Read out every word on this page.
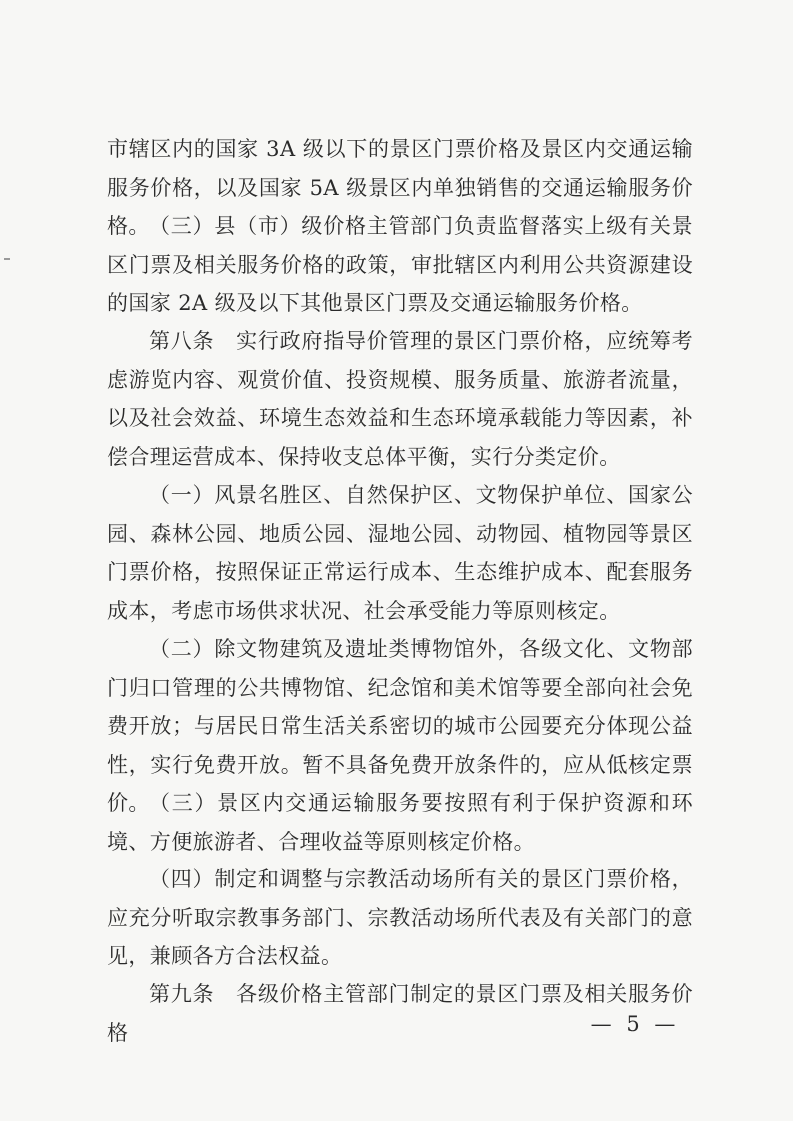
市辖区内的国家 3A 级以下的景区门票价格及景区内交通运输服务价格，以及国家 5A 级景区内单独销售的交通运输服务价格。 （三）县（市）级价格主管部门负责监督落实上级有关景区门票及相关服务价格的政策，审批辖区内利用公共资源建设的国家 2A 级及以下其他景区门票及交通运输服务价格。

第八条　实行政府指导价管理的景区门票价格，应统筹考虑游览内容、观赏价值、投资规模、服务质量、旅游者流量，以及社会效益、环境生态效益和生态环境承载能力等因素，补偿合理运营成本、保持收支总体平衡，实行分类定价。

（一）风景名胜区、自然保护区、文物保护单位、国家公园、森林公园、地质公园、湿地公园、动物园、植物园等景区门票价格，按照保证正常运行成本、生态维护成本、配套服务成本，考虑市场供求状况、社会承受能力等原则核定。

（二）除文物建筑及遗址类博物馆外，各级文化、文物部门归口管理的公共博物馆、纪念馆和美术馆等要全部向社会免费开放；与居民日常生活关系密切的城市公园要充分体现公益性，实行免费开放。暂不具备免费开放条件的，应从低核定票价。 （三）景区内交通运输服务要按照有利于保护资源和环境、方便旅游者、合理收益等原则核定价格。

（四）制定和调整与宗教活动场所有关的景区门票价格，应充分听取宗教事务部门、宗教活动场所代表及有关部门的意见，兼顾各方合法权益。

第九条　各级价格主管部门制定的景区门票及相关服务价格	— 5 —
